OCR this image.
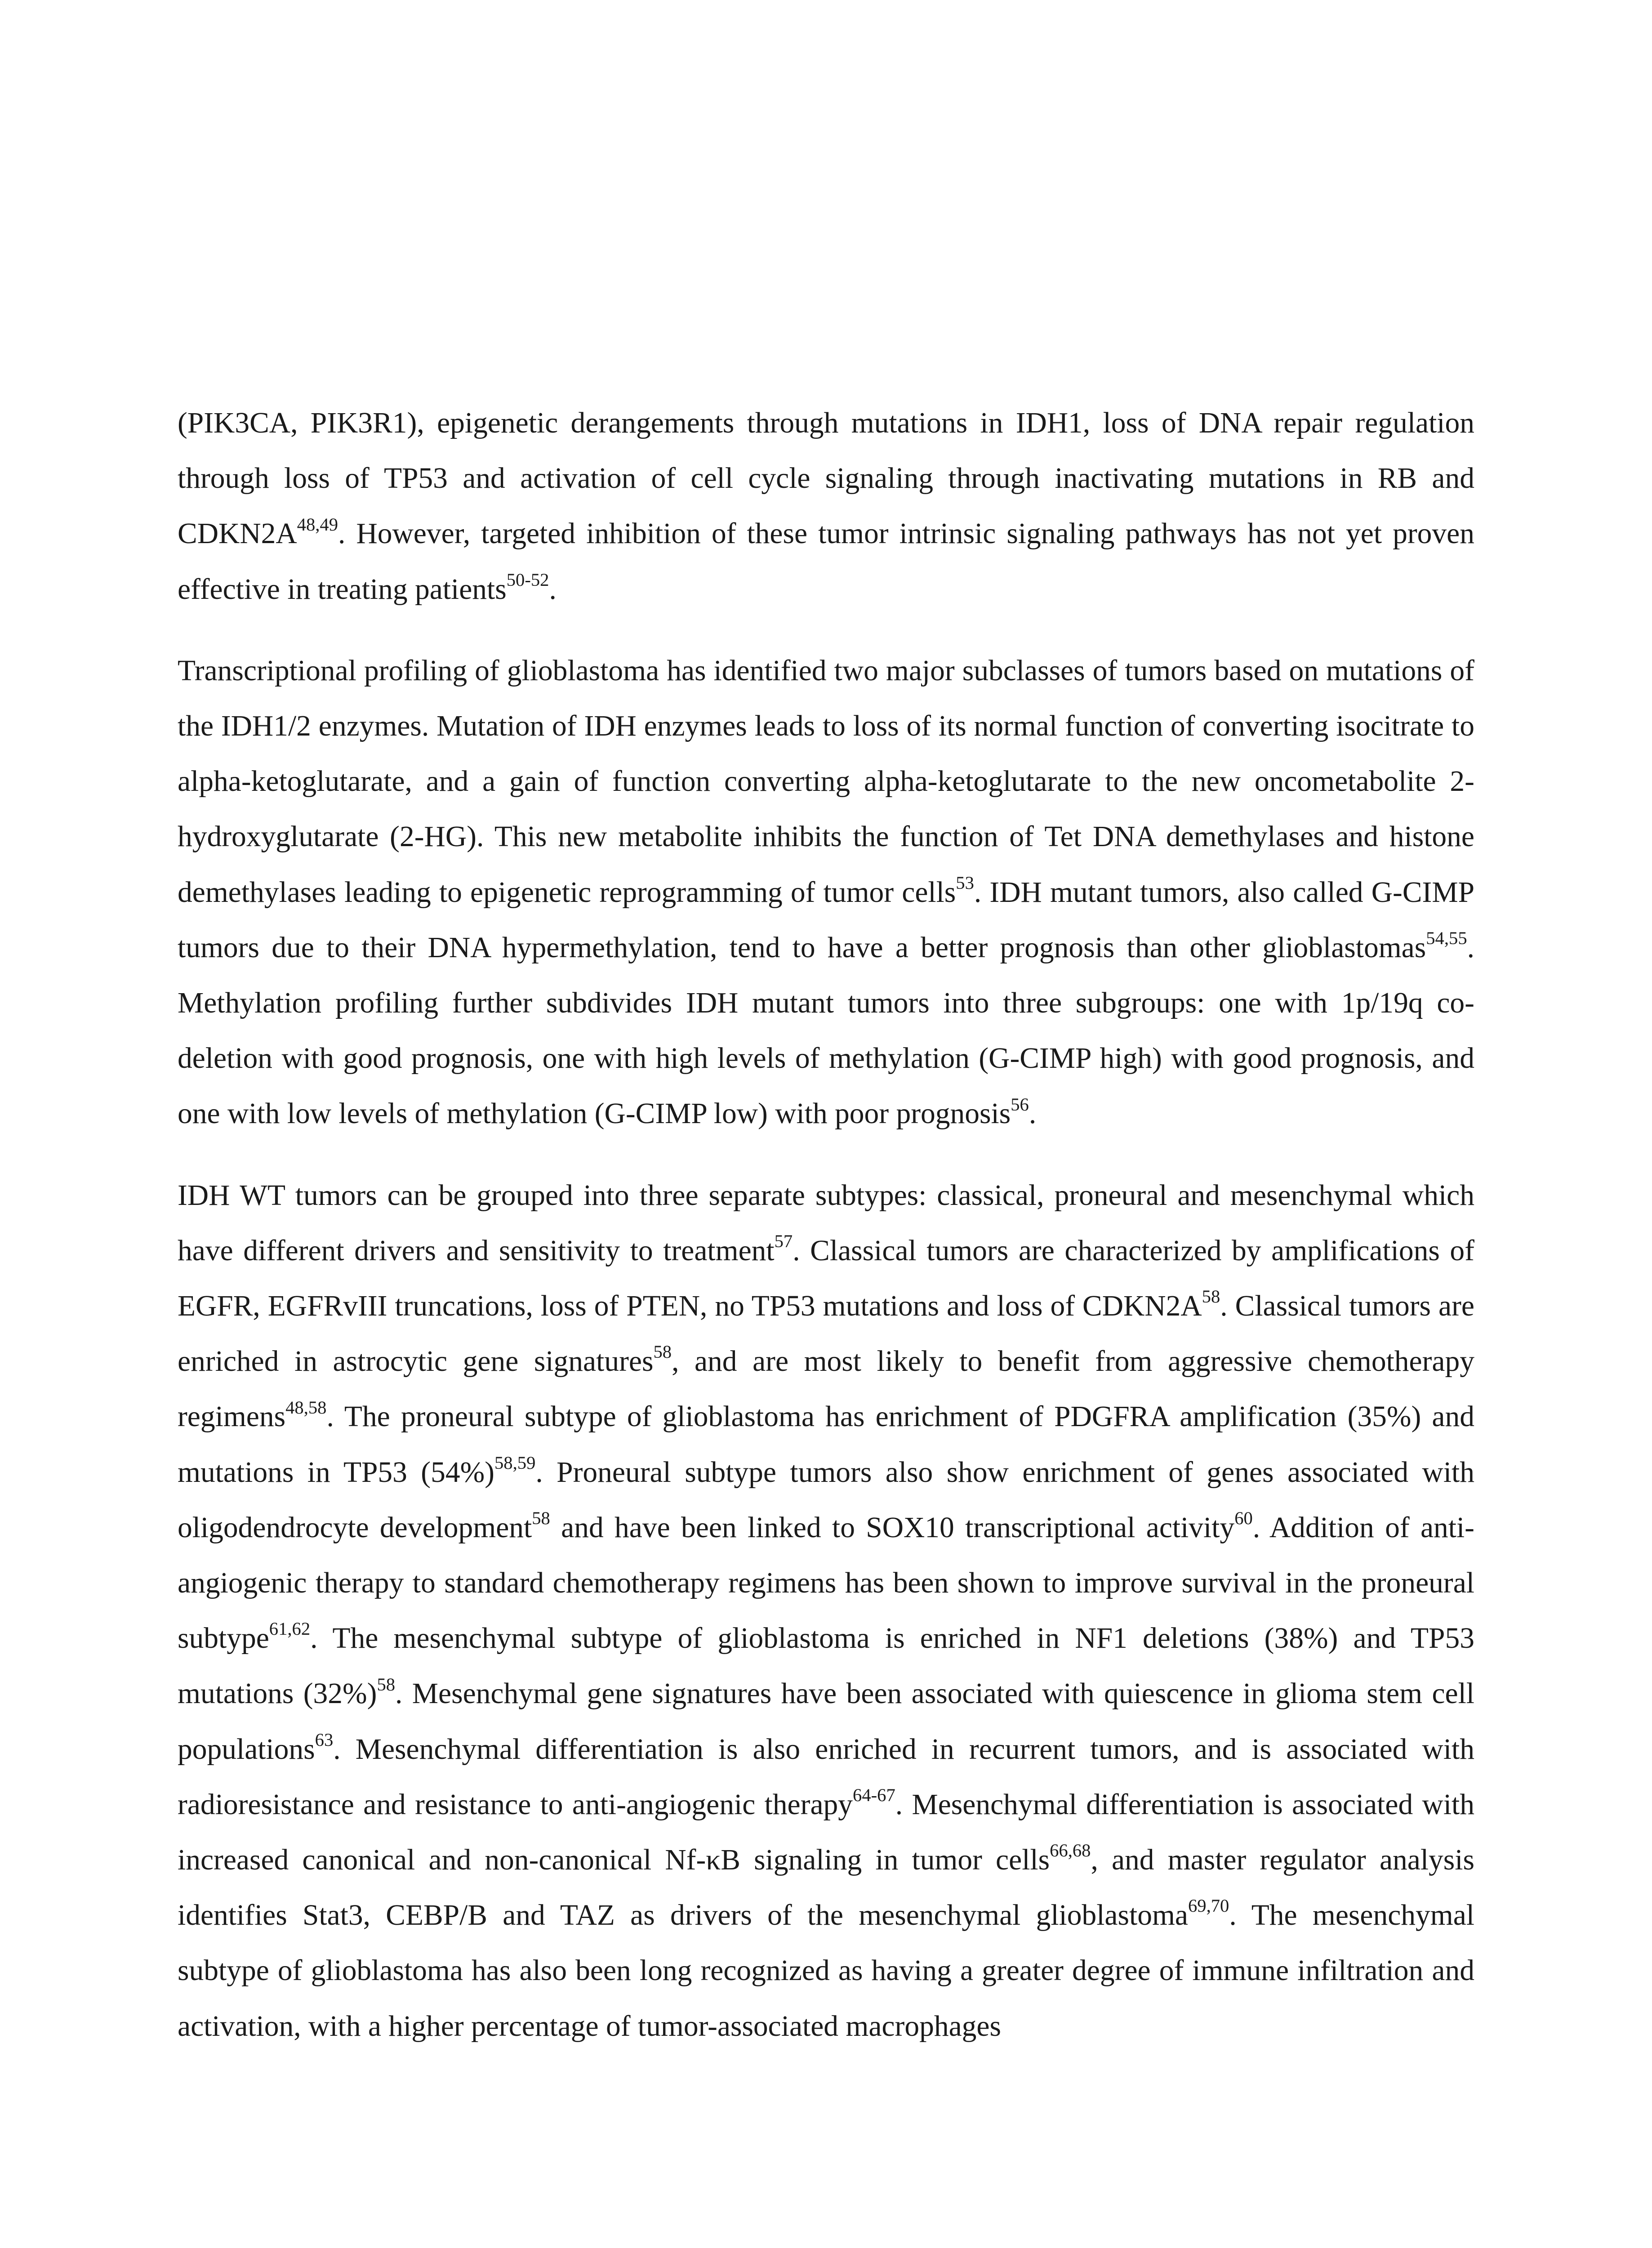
(PIK3CA, PIK3R1), epigenetic derangements through mutations in IDH1, loss of DNA repair regulation through loss of TP53 and activation of cell cycle signaling through inactivating mutations in RB and $CDKN2A^{48,49}$. However, targeted inhibition of these tumor intrinsic signaling pathways has not yet proven effective in treating patients$^{50-52}$.
Transcriptional profiling of glioblastoma has identified two major subclasses of tumors based on mutations of the IDH1/2 enzymes. Mutation of IDH enzymes leads to loss of its normal function of converting isocitrate to alpha-ketoglutarate, and a gain of function converting alpha-ketoglutarate to the new oncometabolite 2-hydroxyglutarate (2-HG). This new metabolite inhibits the function of Tet DNA demethylases and histone demethylases leading to epigenetic reprogramming of tumor cells$^{53}$. IDH mutant tumors, also called G-CIMP tumors due to their DNA hypermethylation, tend to have a better prognosis than other glioblastomas$^{54,55}$. Methylation profiling further subdivides IDH mutant tumors into three subgroups: one with 1p/19q co-deletion with good prognosis, one with high levels of methylation (G-CIMP high) with good prognosis, and one with low levels of methylation (G-CIMP low) with poor prognosis$^{56}$.
IDH WT tumors can be grouped into three separate subtypes: classical, proneural and mesenchymal which have different drivers and sensitivity to treatment$^{57}$. Classical tumors are characterized by amplifications of EGFR, EGFRvIII truncations, loss of PTEN, no TP53 mutations and loss of $CDKN2A^{58}$. Classical tumors are enriched in astrocytic gene signatures$^{58}$, and are most likely to benefit from aggressive chemotherapy regimens$^{48,58}$. The proneural subtype of glioblastoma has enrichment of PDGFRA amplification (35%) and mutations in TP53 $(54\%)^{58,59}$. Proneural subtype tumors also show enrichment of genes associated with oligodendrocyte development$^{58}$ and have been linked to SOX10 transcriptional activity$^{60}$. Addition of anti-angiogenic therapy to standard chemotherapy regimens has been shown to improve survival in the proneural subtype$^{61,62}$. The mesenchymal subtype of glioblastoma is enriched in NF1 deletions (38%) and TP53 mutations $(32\%)^{58}$. Mesenchymal gene signatures have been associated with quiescence in glioma stem cell populations$^{63}$. Mesenchymal differentiation is also enriched in recurrent tumors, and is associated with radioresistance and resistance to anti-angiogenic therapy$^{64-67}$. Mesenchymal differentiation is associated with increased canonical and non-canonical Nf-κB signaling in tumor cells$^{66,68}$, and master regulator analysis identifies Stat3, CEBP/B and TAZ as drivers of the mesenchymal glioblastoma$^{69,70}$. The mesenchymal subtype of glioblastoma has also been long recognized as having a greater degree of immune infiltration and activation, with a higher percentage of tumor-associated macrophages
